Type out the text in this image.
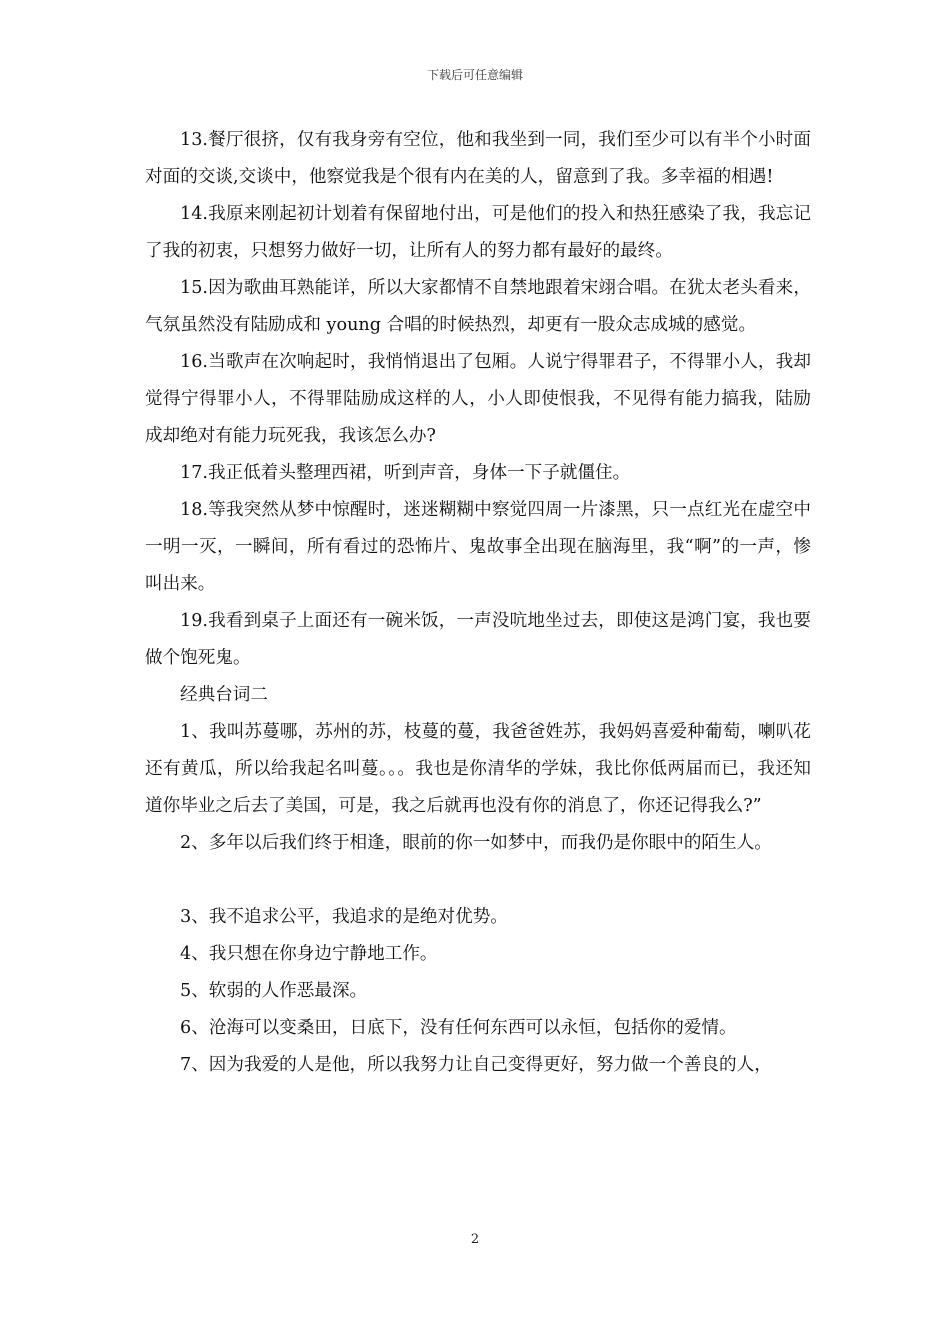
下载后可任意编辑

13.餐厅很挤，仅有我身旁有空位，他和我坐到一同，我们至少可以有半个小时面对面的交谈,交谈中，他察觉我是个很有内在美的人，留意到了我。多幸福的相遇!

14.我原来刚起初计划着有保留地付出，可是他们的投入和热狂感染了我，我忘记了我的初衷，只想努力做好一切，让所有人的努力都有最好的最终。

15.因为歌曲耳熟能详，所以大家都情不自禁地跟着宋翊合唱。在犹太老头看来，气氛虽然没有陆励成和 young 合唱的时候热烈，却更有一股众志成城的感觉。

16.当歌声在次响起时，我悄悄退出了包厢。人说宁得罪君子，不得罪小人，我却觉得宁得罪小人，不得罪陆励成这样的人，小人即使恨我，不见得有能力搞我，陆励成却绝对有能力玩死我，我该怎么办?

17.我正低着头整理西裙，听到声音，身体一下子就僵住。

18.等我突然从梦中惊醒时，迷迷糊糊中察觉四周一片漆黑，只一点红光在虚空中一明一灭，一瞬间，所有看过的恐怖片、鬼故事全出现在脑海里，我“啊”的一声，惨叫出来。

19.我看到桌子上面还有一碗米饭，一声没吭地坐过去，即使这是鸿门宴，我也要做个饱死鬼。

经典台词二

1、我叫苏蔓哪，苏州的苏，枝蔓的蔓，我爸爸姓苏，我妈妈喜爱种葡萄，喇叭花还有黄瓜，所以给我起名叫蔓。。。我也是你清华的学妹，我比你低两届而已，我还知道你毕业之后去了美国，可是，我之后就再也没有你的消息了，你还记得我么?”

2、多年以后我们终于相逢，眼前的你一如梦中，而我仍是你眼中的陌生人。

3、我不追求公平，我追求的是绝对优势。

4、我只想在你身边宁静地工作。

5、软弱的人作恶最深。

6、沧海可以变桑田，日底下，没有任何东西可以永恒，包括你的爱情。

7、因为我爱的人是他，所以我努力让自己变得更好，努力做一个善良的人，

2
